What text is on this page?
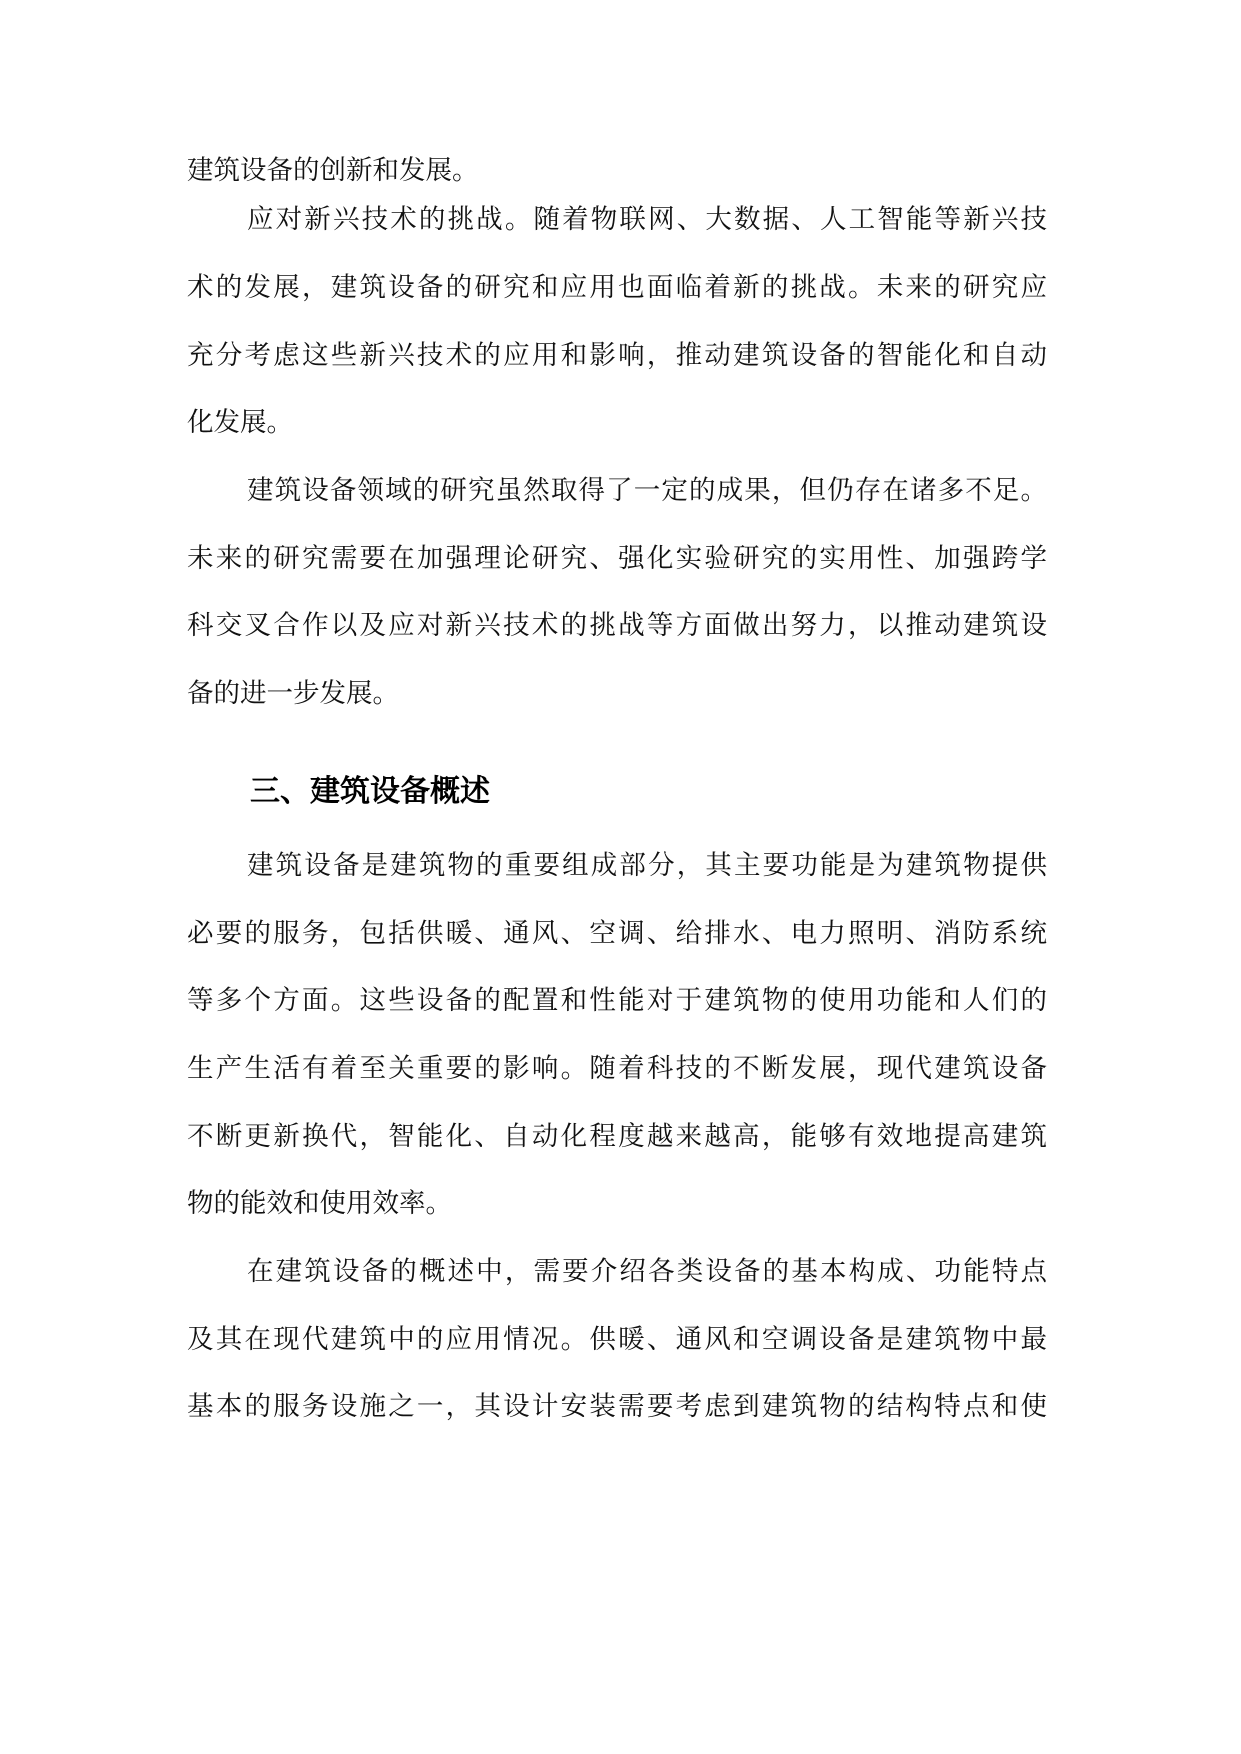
建筑设备的创新和发展。
应对新兴技术的挑战。随着物联网、大数据、人工智能等新兴技
术的发展，建筑设备的研究和应用也面临着新的挑战。未来的研究应
充分考虑这些新兴技术的应用和影响，推动建筑设备的智能化和自动
化发展。
建筑设备领域的研究虽然取得了一定的成果，但仍存在诸多不足。
未来的研究需要在加强理论研究、强化实验研究的实用性、加强跨学
科交叉合作以及应对新兴技术的挑战等方面做出努力，以推动建筑设
备的进一步发展。
三、建筑设备概述
建筑设备是建筑物的重要组成部分，其主要功能是为建筑物提供
必要的服务，包括供暖、通风、空调、给排水、电力照明、消防系统
等多个方面。这些设备的配置和性能对于建筑物的使用功能和人们的
生产生活有着至关重要的影响。随着科技的不断发展，现代建筑设备
不断更新换代，智能化、自动化程度越来越高，能够有效地提高建筑
物的能效和使用效率。
在建筑设备的概述中，需要介绍各类设备的基本构成、功能特点
及其在现代建筑中的应用情况。供暖、通风和空调设备是建筑物中最
基本的服务设施之一，其设计安装需要考虑到建筑物的结构特点和使
